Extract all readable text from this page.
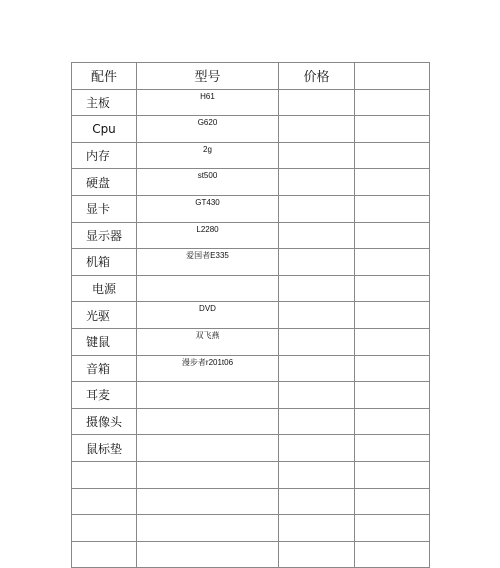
配件	型号	价格
主板	H61
Cpu	G620
内存	2g
硬盘	st500
显卡	GT430
显示器	L2280
机箱	爱国者E335
电源
光驱	DVD
键鼠	双飞燕
音箱	漫步者r201t06
耳麦
摄像头
鼠标垫
